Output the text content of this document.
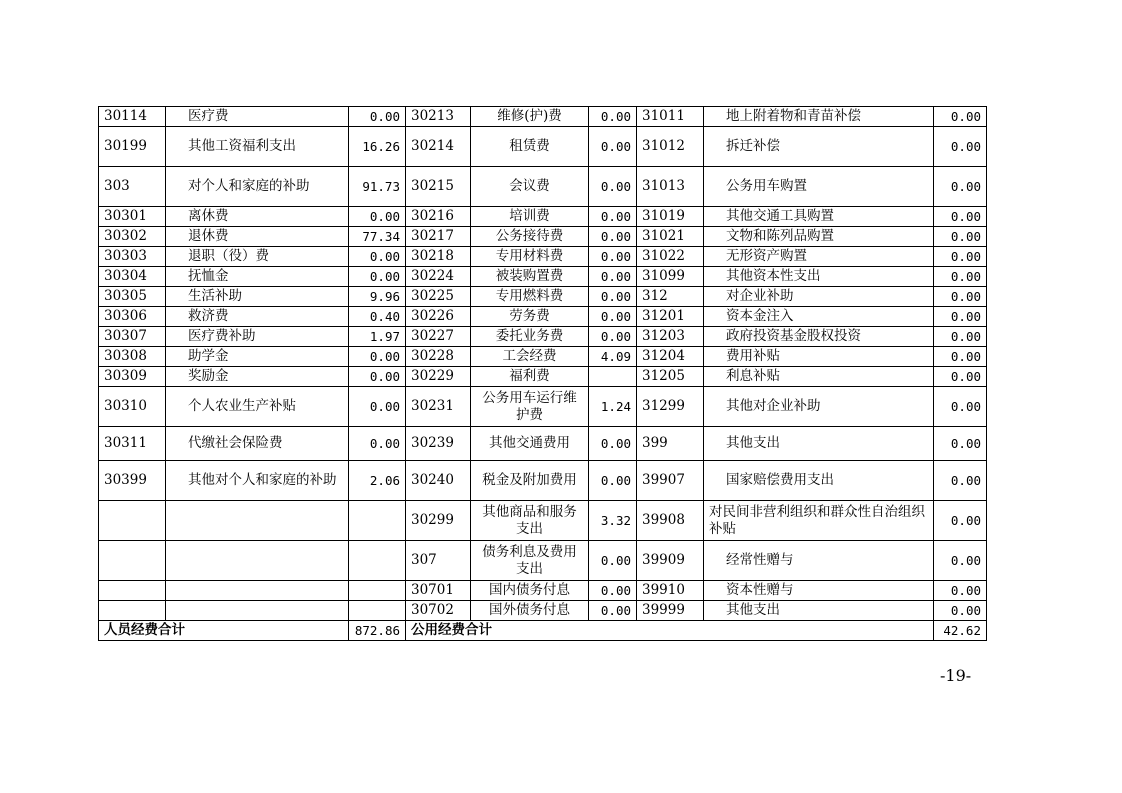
30114	医疗费	0.00	30213	维修(护)费	0.00	31011	地上附着物和青苗补偿	0.00
30199	其他工资福利支出	16.26	30214	租赁费	0.00	31012	拆迁补偿	0.00
303	对个人和家庭的补助	91.73	30215	会议费	0.00	31013	公务用车购置	0.00
30301	离休费	0.00	30216	培训费	0.00	31019	其他交通工具购置	0.00
30302	退休费	77.34	30217	公务接待费	0.00	31021	文物和陈列品购置	0.00
30303	退职（役）费	0.00	30218	专用材料费	0.00	31022	无形资产购置	0.00
30304	抚恤金	0.00	30224	被装购置费	0.00	31099	其他资本性支出	0.00
30305	生活补助	9.96	30225	专用燃料费	0.00	312	对企业补助	0.00
30306	救济费	0.40	30226	劳务费	0.00	31201	资本金注入	0.00
30307	医疗费补助	1.97	30227	委托业务费	0.00	31203	政府投资基金股权投资	0.00
30308	助学金	0.00	30228	工会经费	4.09	31204	费用补贴	0.00
30309	奖励金	0.00	30229	福利费		31205	利息补贴	0.00
30310	个人农业生产补贴	0.00	30231	公务用车运行维护费	1.24	31299	其他对企业补助	0.00
30311	代缴社会保险费	0.00	30239	其他交通费用	0.00	399	其他支出	0.00
30399	其他对个人和家庭的补助	2.06	30240	税金及附加费用	0.00	39907	国家赔偿费用支出	0.00
			30299	其他商品和服务支出	3.32	39908	对民间非营利组织和群众性自治组织补贴	0.00
			307	债务利息及费用支出	0.00	39909	经常性赠与	0.00
			30701	国内债务付息	0.00	39910	资本性赠与	0.00
			30702	国外债务付息	0.00	39999	其他支出	0.00
人员经费合计		872.86	公用经费合计					42.62
-19-
